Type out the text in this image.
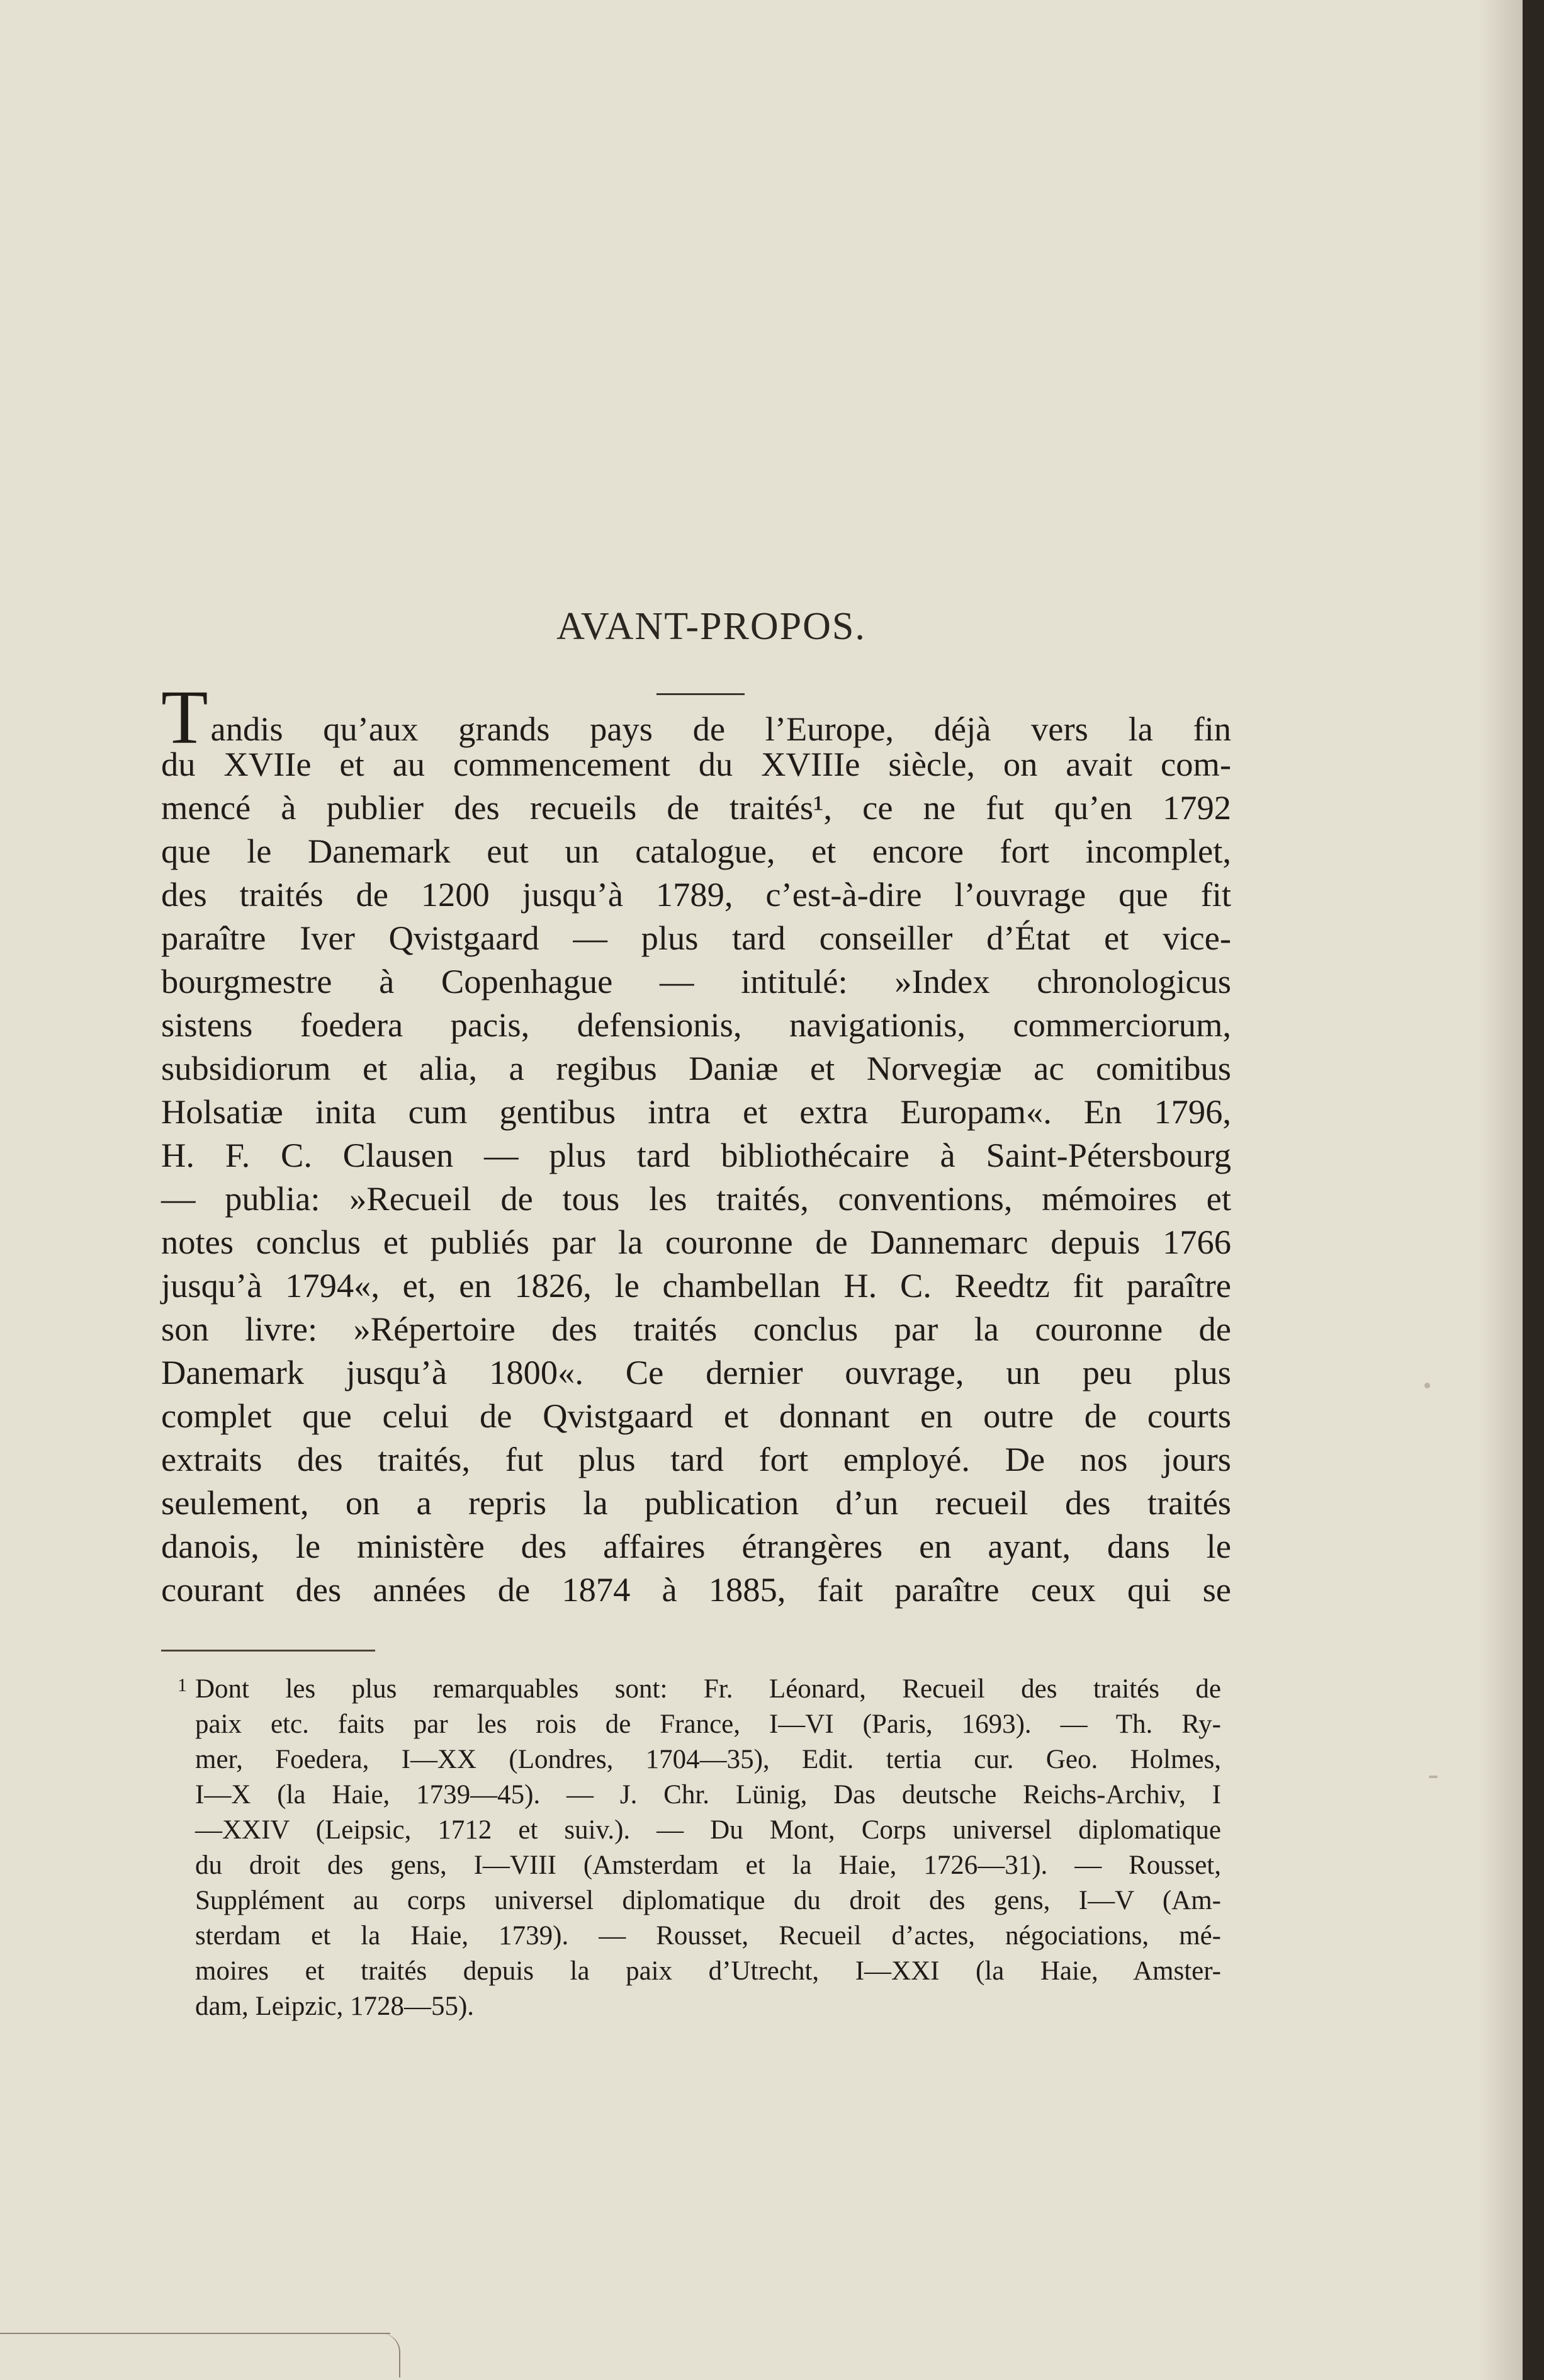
AVANT-PROPOS.
Tandis qu’aux grands pays de l’Europe, déjà vers la fin
du XVIIe et au commencement du XVIIIe siècle, on avait com-
mencé à publier des recueils de traités¹, ce ne fut qu’en 1792
que le Danemark eut un catalogue, et encore fort incomplet,
des traités de 1200 jusqu’à 1789, c’est-à-dire l’ouvrage que fit
paraître Iver Qvistgaard — plus tard conseiller d’État et vice-
bourgmestre à Copenhague — intitulé: »Index chronologicus
sistens foedera pacis, defensionis, navigationis, commerciorum,
subsidiorum et alia, a regibus Daniæ et Norvegiæ ac comitibus
Holsatiæ inita cum gentibus intra et extra Europam«. En 1796,
H. F. C. Clausen — plus tard bibliothécaire à Saint-Pétersbourg
— publia: »Recueil de tous les traités, conventions, mémoires et
notes conclus et publiés par la couronne de Dannemarc depuis 1766
jusqu’à 1794«, et, en 1826, le chambellan H. C. Reedtz fit paraître
son livre: »Répertoire des traités conclus par la couronne de
Danemark jusqu’à 1800«. Ce dernier ouvrage, un peu plus
complet que celui de Qvistgaard et donnant en outre de courts
extraits des traités, fut plus tard fort employé. De nos jours
seulement, on a repris la publication d’un recueil des traités
danois, le ministère des affaires étrangères en ayant, dans le
courant des années de 1874 à 1885, fait paraître ceux qui se
1 Dont les plus remarquables sont: Fr. Léonard, Recueil des traités de
paix etc. faits par les rois de France, I—VI (Paris, 1693). — Th. Ry-
mer, Foedera, I—XX (Londres, 1704—35), Edit. tertia cur. Geo. Holmes,
I—X (la Haie, 1739—45). — J. Chr. Lünig, Das deutsche Reichs-Archiv, I
—XXIV (Leipsic, 1712 et suiv.). — Du Mont, Corps universel diplomatique
du droit des gens, I—VIII (Amsterdam et la Haie, 1726—31). — Rousset,
Supplément au corps universel diplomatique du droit des gens, I—V (Am-
sterdam et la Haie, 1739). — Rousset, Recueil d’actes, négociations, mé-
moires et traités depuis la paix d’Utrecht, I—XXI (la Haie, Amster-
dam, Leipzic, 1728—55).
